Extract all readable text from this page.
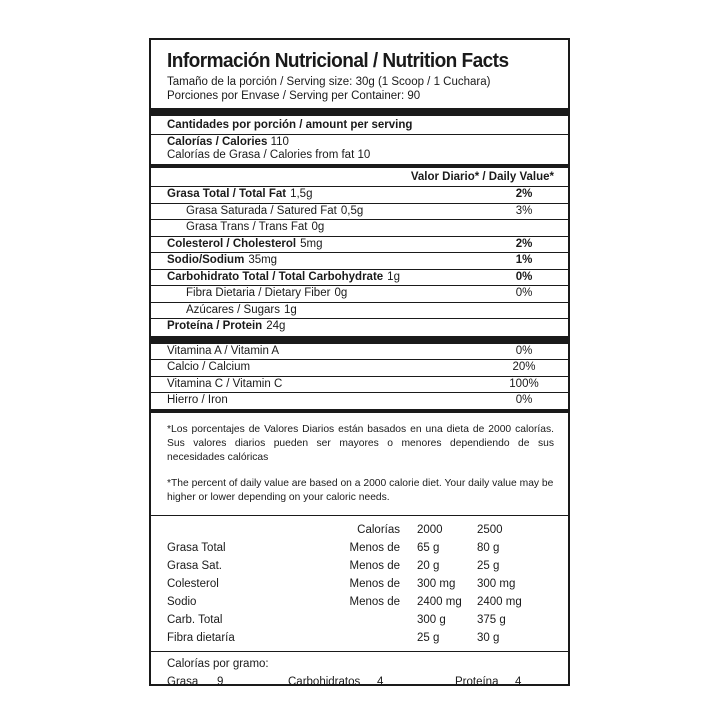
Información Nutricional / Nutrition Facts
Tamaño de la porción / Serving size: 30g (1 Scoop / 1 Cuchara)
Porciones por Envase / Serving per Container: 90
Cantidades por porción / amount per serving
Calorías / Calories 110
Calorías de Grasa / Calories from fat 10
Valor Diario* / Daily Value*
Grasa Total / Total Fat 1,5g	2%
Grasa Saturada / Satured Fat 0,5g	3%
Grasa Trans / Trans Fat 0g
Colesterol / Cholesterol 5mg	2%
Sodio/Sodium 35mg	1%
Carbohidrato Total / Total Carbohydrate 1g	0%
Fibra Dietaria / Dietary Fiber 0g	0%
Azúcares / Sugars 1g
Proteína / Protein 24g
Vitamina A / Vitamin A	0%
Calcio / Calcium	20%
Vitamina C / Vitamin C	100%
Hierro / Iron	0%

*Los porcentajes de Valores Diarios están basados en una dieta de 2000 calorías. Sus valores diarios pueden ser mayores o menores dependiendo de sus necesidades calóricas

*The percent of daily value are based on a 2000 calorie diet. Your daily value may be higher or lower depending on your caloric needs.

	Calorías	2000	2500
Grasa Total	Menos de	65 g	80 g
Grasa Sat.	Menos de	20 g	25 g
Colesterol	Menos de	300 mg	300 mg
Sodio	Menos de	2400 mg	2400 mg
Carb. Total		300 g	375 g
Fibra dietaría		25 g	30 g
Calorías por gramo:
Grasa 9	Carbohidratos 4	Proteína 4
